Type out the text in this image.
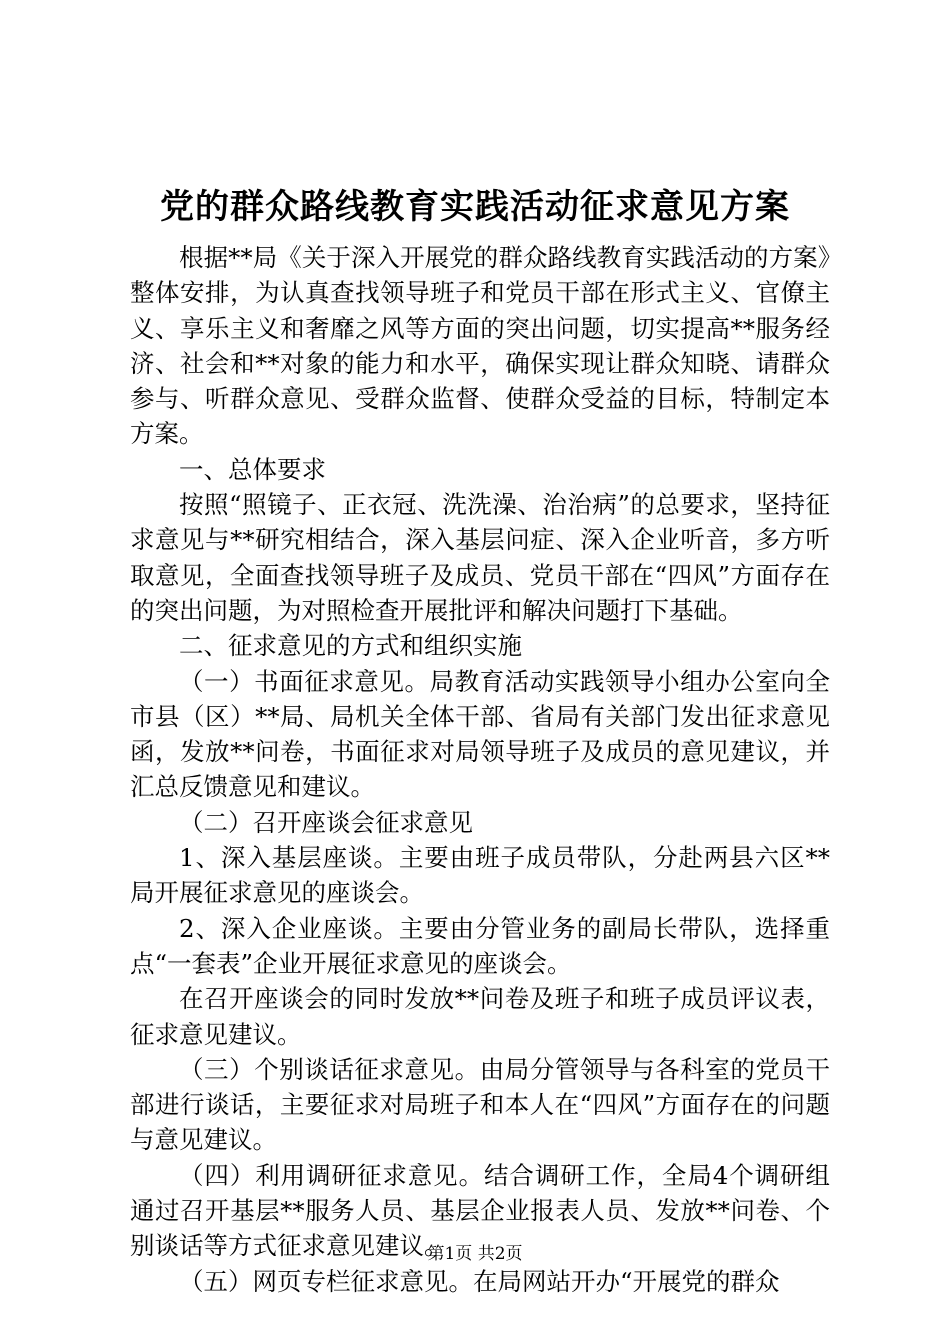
党的群众路线教育实践活动征求意见方案

根据**局《关于深入开展党的群众路线教育实践活动的方案》整体安排，为认真查找领导班子和党员干部在形式主义、官僚主义、享乐主义和奢靡之风等方面的突出问题，切实提高**服务经济、社会和**对象的能力和水平，确保实现让群众知晓、请群众参与、听群众意见、受群众监督、使群众受益的目标，特制定本方案。

一、总体要求

按照“照镜子、正衣冠、洗洗澡、治治病”的总要求，坚持征求意见与**研究相结合，深入基层问症、深入企业听音，多方听取意见，全面查找领导班子及成员、党员干部在“四风”方面存在的突出问题，为对照检查开展批评和解决问题打下基础。

二、征求意见的方式和组织实施

（一）书面征求意见。局教育活动实践领导小组办公室向全市县（区）**局、局机关全体干部、省局有关部门发出征求意见函，发放**问卷，书面征求对局领导班子及成员的意见建议，并汇总反馈意见和建议。

（二）召开座谈会征求意见

1、深入基层座谈。主要由班子成员带队，分赴两县六区**局开展征求意见的座谈会。

2、深入企业座谈。主要由分管业务的副局长带队，选择重点“一套表”企业开展征求意见的座谈会。

在召开座谈会的同时发放**问卷及班子和班子成员评议表，征求意见建议。

（三）个别谈话征求意见。由局分管领导与各科室的党员干部进行谈话，主要征求对局班子和本人在“四风”方面存在的问题与意见建议。

（四）利用调研征求意见。结合调研工作，全局4个调研组通过召开基层**服务人员、基层企业报表人员、发放**问卷、个别谈话等方式征求意见建议。

（五）网页专栏征求意见。在局网站开办“开展党的群众

第1页 共2页
